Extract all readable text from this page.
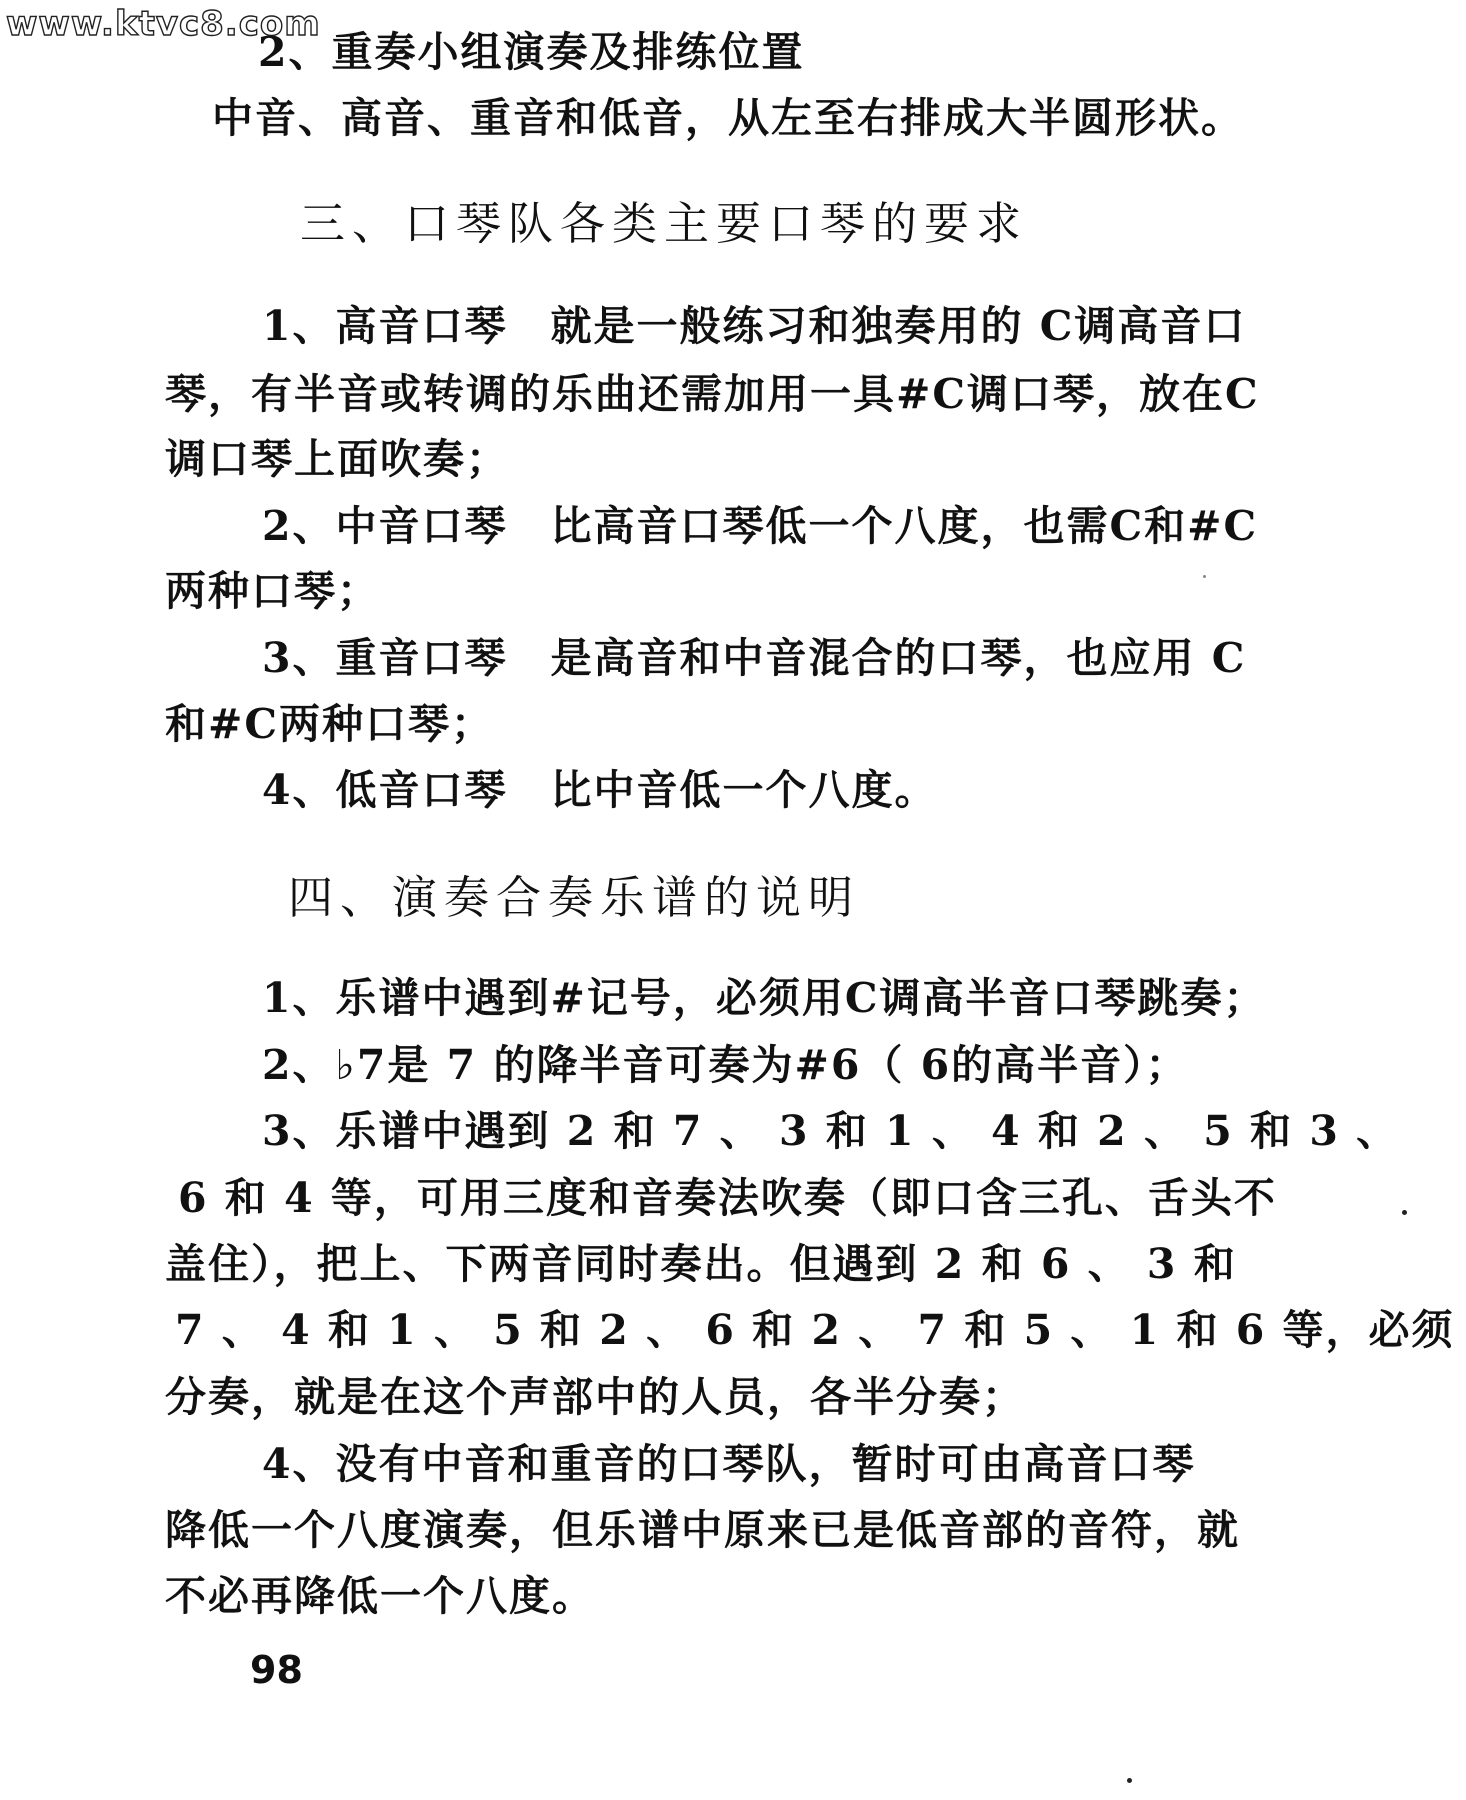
www.ktvc8.com
2、重奏小组演奏及排练位置
中音、高音、重音和低音，从左至右排成大半圆形状。
三、口琴队各类主要口琴的要求
1、高音口琴　就是一般练习和独奏用的 C调高音口
琴，有半音或转调的乐曲还需加用一具#C调口琴，放在C
调口琴上面吹奏；
2、中音口琴　比高音口琴低一个八度，也需C和#C
两种口琴；
3、重音口琴　是高音和中音混合的口琴，也应用 C
和#C两种口琴；
4、低音口琴　比中音低一个八度。
四、演奏合奏乐谱的说明
1、乐谱中遇到#记号，必须用C调高半音口琴跳奏；
2、♭7是 7 的降半音可奏为#6（ 6的高半音）；
3、乐谱中遇到 2 和 7 、 3 和 1 、 4 和 2 、 5 和 3 、
6 和 4 等，可用三度和音奏法吹奏（即口含三孔、舌头不
盖住），把上、下两音同时奏出。但遇到 2 和 6 、 3 和
7 、 4 和 1 、 5 和 2 、 6 和 2 、 7 和 5 、 1 和 6 等，必须
分奏，就是在这个声部中的人员，各半分奏；
4、没有中音和重音的口琴队，暂时可由高音口琴
降低一个八度演奏，但乐谱中原来已是低音部的音符，就
不必再降低一个八度。
98
